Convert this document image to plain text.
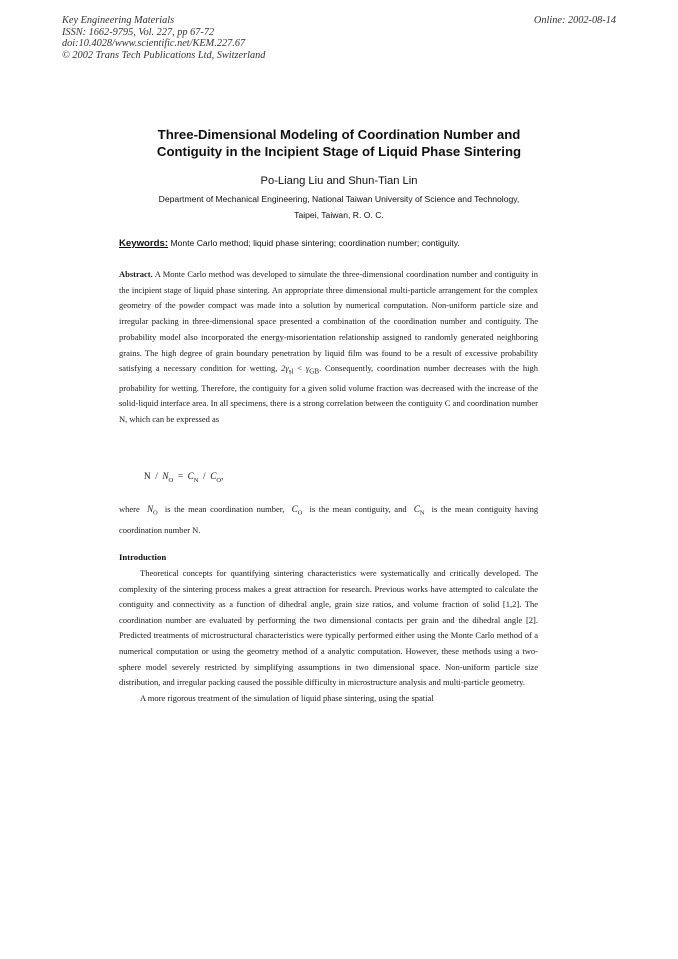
Key Engineering Materials
ISSN: 1662-9795, Vol. 227, pp 67-72
doi:10.4028/www.scientific.net/KEM.227.67
© 2002 Trans Tech Publications Ltd, Switzerland
Online: 2002-08-14
Three-Dimensional Modeling of Coordination Number and
Contiguity in the Incipient Stage of Liquid Phase Sintering
Po-Liang Liu and Shun-Tian Lin
Department of Mechanical Engineering, National Taiwan University of Science and Technology,
Taipei, Taiwan, R. O. C.
Keywords: Monte Carlo method; liquid phase sintering; coordination number; contiguity.
Abstract. A Monte Carlo method was developed to simulate the three-dimensional coordination number and contiguity in the incipient stage of liquid phase sintering. An appropriate three dimensional multi-particle arrangement for the complex geometry of the powder compact was made into a solution by numerical computation. Non-uniform particle size and irregular packing in three-dimensional space presented a combination of the coordination number and contiguity. The probability model also incorporated the energy-misorientation relationship assigned to randomly generated neighboring grains. The high degree of grain boundary penetration by liquid film was found to be a result of excessive probability satisfying a necessary condition for wetting, $2\gamma_{sl} < \gamma_{GB}$. Consequently, coordination number decreases with the high probability for wetting. Therefore, the contiguity for a given solid volume fraction was decreased with the increase of the solid-liquid interface area. In all specimens, there is a strong correlation between the contiguity C and coordination number N, which can be expressed as
$N / N_O = C_N / C_O$,
where $N_O$ is the mean coordination number, $C_O$ is the mean contiguity, and $C_N$ is the mean contiguity having coordination number N.
Introduction

Theoretical concepts for quantifying sintering characteristics were systematically and critically developed. The complexity of the sintering process makes a great attraction for research. Previous works have attempted to calculate the contiguity and connectivity as a function of dihedral angle, grain size ratios, and volume fraction of solid [1,2]. The coordination number are evaluated by performing the two dimensional contacts per grain and the dihedral angle [2]. Predicted treatments of microstructural characteristics were typically performed either using the Monte Carlo method of a numerical computation or using the geometry method of a analytic computation. However, these methods using a two-sphere model severely restricted by simplifying assumptions in two dimensional space. Non-uniform particle size distribution, and irregular packing caused the possible difficulty in microstructure analysis and multi-particle geometry.

A more rigorous treatment of the simulation of liquid phase sintering, using the spatial
